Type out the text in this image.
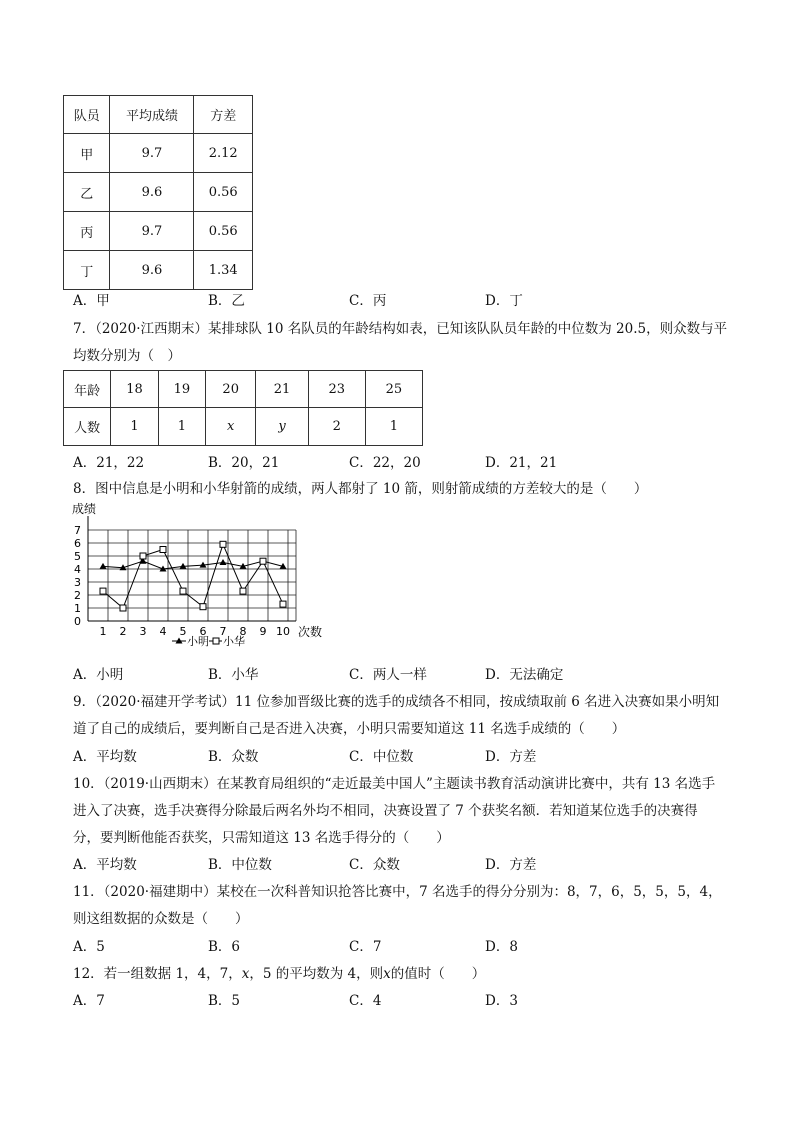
队员	平均成绩	方差
甲	9.7	2.12
乙	9.6	0.56
丙	9.7	0.56
丁	9.6	1.34
A．甲	B．乙	C．丙	D．丁
7．（2020·江西期末）某排球队 10 名队员的年龄结构如表，已知该队队员年龄的中位数为 20.5，则众数与平
均数分别为（　）
年龄	18	19	20	21	23	25
人数	1	1	x	y	2	1
A．21，22	B．20，21	C．22，20	D．21，21
8．图中信息是小明和小华射箭的成绩，两人都射了 10 箭，则射箭成绩的方差较大的是（　　）
0
1
2
3
4
5
6
7
1 2 3 4 5 6 7 8 9 10
成绩
次数
小明 小华
A．小明	B．小华	C．两人一样	D．无法确定
9．（2020·福建开学考试）11 位参加晋级比赛的选手的成绩各不相同，按成绩取前 6 名进入决赛如果小明知
道了自己的成绩后，要判断自己是否进入决赛，小明只需要知道这 11 名选手成绩的（　　）
A．平均数	B．众数	C．中位数	D．方差
10．（2019·山西期末）在某教育局组织的“走近最美中国人”主题读书教育活动演讲比赛中，共有 13 名选手
进入了决赛，选手决赛得分除最后两名外均不相同，决赛设置了 7 个获奖名额．若知道某位选手的决赛得
分，要判断他能否获奖，只需知道这 13 名选手得分的（　　）
A．平均数	B．中位数	C．众数	D．方差
11．（2020·福建期中）某校在一次科普知识抢答比赛中，7 名选手的得分分别为：8，7，6，5，5，5，4，
则这组数据的众数是（　　）
A．5	B．6	C．7	D．8
12．若一组数据 1，4，7，x，5 的平均数为 4，则x的值时（　　）
A．7	B．5	C．4	D．3
